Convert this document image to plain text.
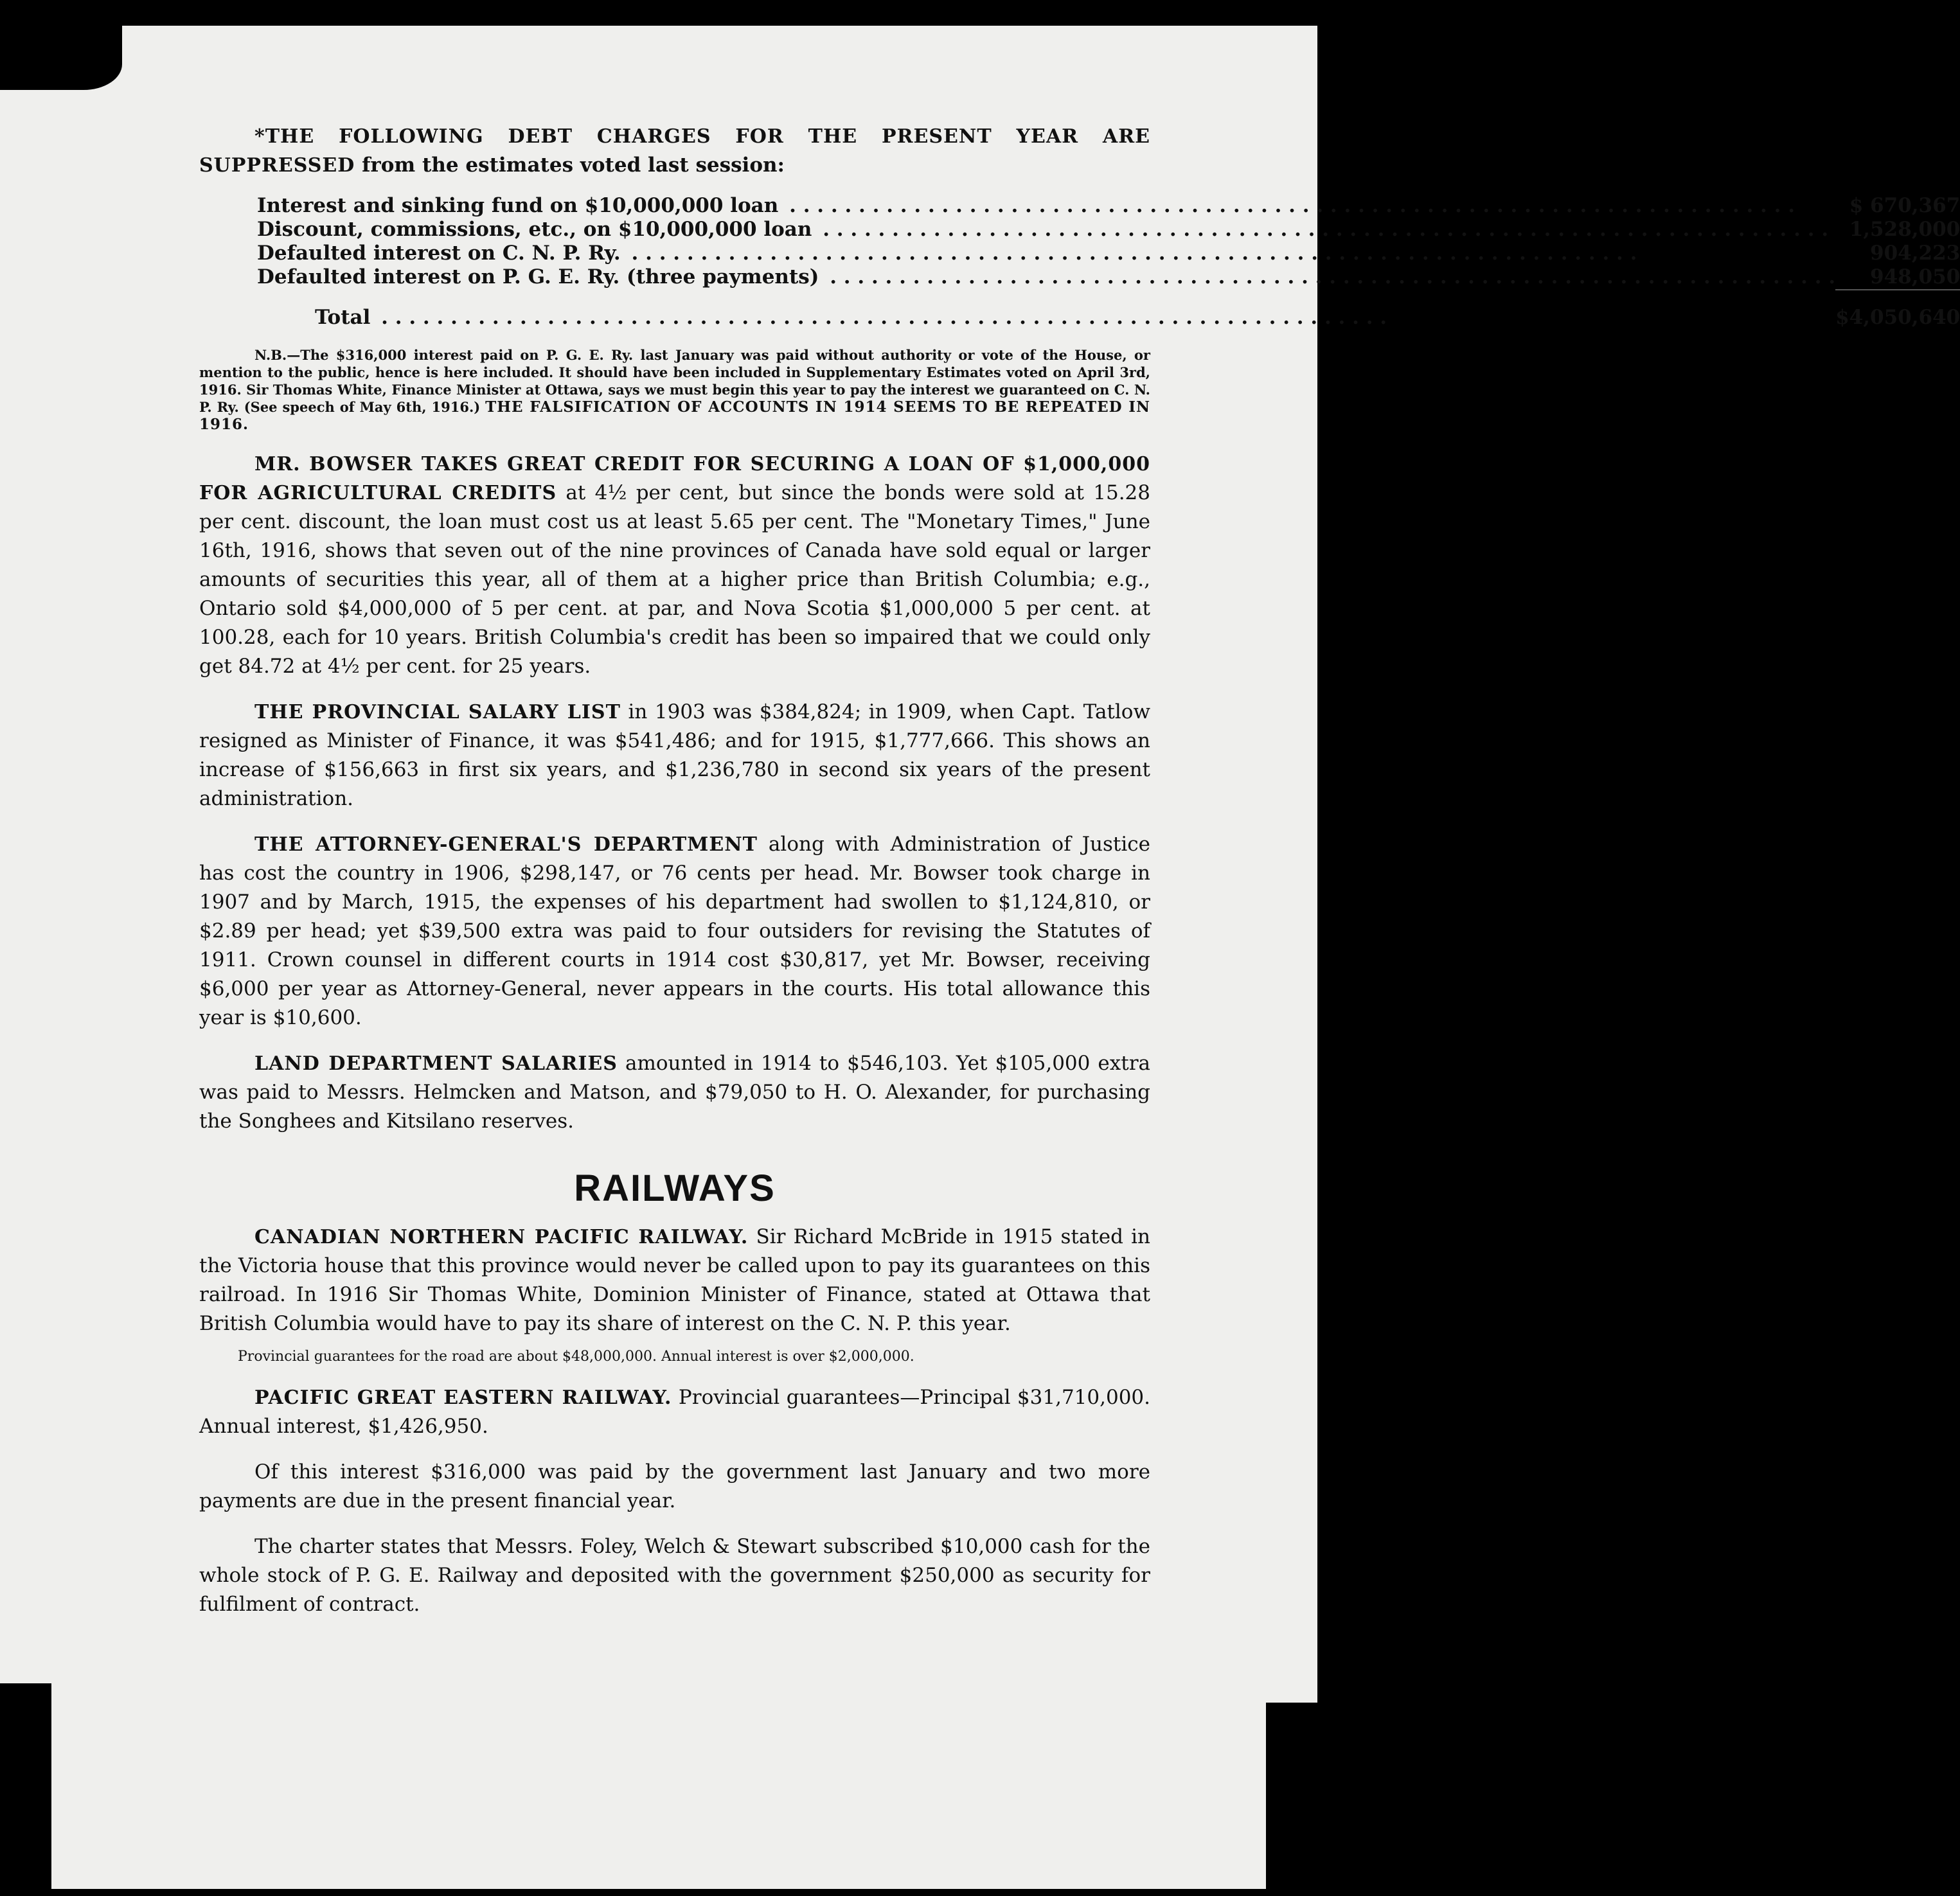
*THE FOLLOWING DEBT CHARGES FOR THE PRESENT YEAR ARE SUPPRESSED from the estimates voted last session:

Interest and sinking fund on $10,000,000 loan . . .	$ 670,367
Discount, commissions, etc., on $10,000,000 loan . . .	1,528,000
Defaulted interest on C. N. P. Ry. . . .	904,223
Defaulted interest on P. G. E. Ry. (three payments) . . .	948,050

Total . . .	$4,050,640

N.B.—The $316,000 interest paid on P. G. E. Ry. last January was paid without authority or vote of the House, or mention to the public, hence is here included. It should have been included in Supplementary Estimates voted on April 3rd, 1916. Sir Thomas White, Finance Minister at Ottawa, says we must begin this year to pay the interest we guaranteed on C. N. P. Ry. (See speech of May 6th, 1916.) THE FALSIFICATION OF ACCOUNTS IN 1914 SEEMS TO BE REPEATED IN 1916.

MR. BOWSER TAKES GREAT CREDIT FOR SECURING A LOAN OF $1,000,000 FOR AGRICULTURAL CREDITS at 4½ per cent, but since the bonds were sold at 15.28 per cent. discount, the loan must cost us at least 5.65 per cent. The "Monetary Times," June 16th, 1916, shows that seven out of the nine provinces of Canada have sold equal or larger amounts of securities this year, all of them at a higher price than British Columbia; e.g., Ontario sold $4,000,000 of 5 per cent. at par, and Nova Scotia $1,000,000 5 per cent. at 100.28, each for 10 years. British Columbia's credit has been so impaired that we could only get 84.72 at 4½ per cent. for 25 years.

THE PROVINCIAL SALARY LIST in 1903 was $384,824; in 1909, when Capt. Tatlow resigned as Minister of Finance, it was $541,486; and for 1915, $1,777,666. This shows an increase of $156,663 in first six years, and $1,236,780 in second six years of the present administration.

THE ATTORNEY-GENERAL'S DEPARTMENT along with Administration of Justice has cost the country in 1906, $298,147, or 76 cents per head. Mr. Bowser took charge in 1907 and by March, 1915, the expenses of his department had swollen to $1,124,810, or $2.89 per head; yet $39,500 extra was paid to four outsiders for revising the Statutes of 1911. Crown counsel in different courts in 1914 cost $30,817, yet Mr. Bowser, receiving $6,000 per year as Attorney-General, never appears in the courts. His total allowance this year is $10,600.

LAND DEPARTMENT SALARIES amounted in 1914 to $546,103. Yet $105,000 extra was paid to Messrs. Helmcken and Matson, and $79,050 to H. O. Alexander, for purchasing the Songhees and Kitsilano reserves.

RAILWAYS

CANADIAN NORTHERN PACIFIC RAILWAY. Sir Richard McBride in 1915 stated in the Victoria house that this province would never be called upon to pay its guarantees on this railroad. In 1916 Sir Thomas White, Dominion Minister of Finance, stated at Ottawa that British Columbia would have to pay its share of interest on the C. N. P. this year.

Provincial guarantees for the road are about $48,000,000. Annual interest is over $2,000,000.

PACIFIC GREAT EASTERN RAILWAY. Provincial guarantees—Principal $31,710,000. Annual interest, $1,426,950.

Of this interest $316,000 was paid by the government last January and two more payments are due in the present financial year.

The charter states that Messrs. Foley, Welch & Stewart subscribed $10,000 cash for the whole stock of P. G. E. Railway and deposited with the government $250,000 as security for fulfilment of contract.
